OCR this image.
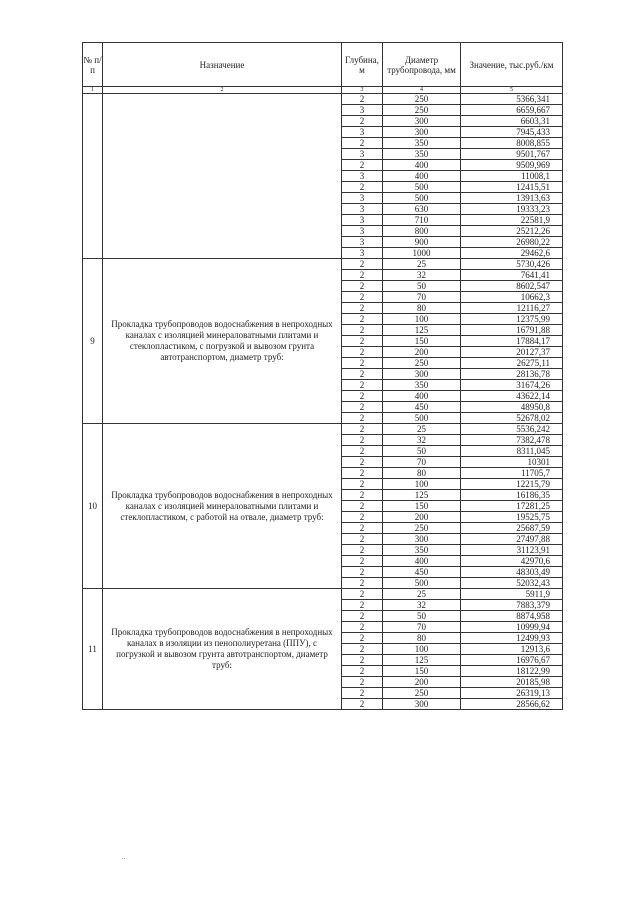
№ п/п	Назначение	Глубина, м	Диаметр трубопровода, мм	Значение, тыс.руб./км
1	2	3	4	5
		2	250	5366,341
		3	250	6659,667
		2	300	6603,31
		3	300	7945,433
		2	350	8008,855
		3	350	9501,767
		2	400	9509,969
		3	400	11008,1
		2	500	12415,51
		3	500	13913,63
		3	630	19333,23
		3	710	22581,9
		3	800	25212,26
		3	900	26980,22
		3	1000	29462,6
9	Прокладка трубопроводов водоснабжения в непроходных каналах с изоляцией минераловатными плитами и стеклопластиком, с погрузкой и вывозом грунта автотранспортом, диаметр труб:	2	25	5730,426
		2	32	7641,41
		2	50	8602,547
		2	70	10662,3
		2	80	12116,27
		2	100	12375,99
		2	125	16791,88
		2	150	17884,17
		2	200	20127,37
		2	250	26275,11
		2	300	28136,78
		2	350	31674,26
		2	400	43622,14
		2	450	48950,8
		2	500	52678,02
10	Прокладка трубопроводов водоснабжения в непроходных каналах с изоляцией минераловатными плитами и стеклопластиком, с работой на отвале, диаметр труб:	2	25	5536,242
		2	32	7382,478
		2	50	8311,045
		2	70	10301
		2	80	11705,7
		2	100	12215,79
		2	125	16186,35
		2	150	17281,25
		2	200	19525,75
		2	250	25687,59
		2	300	27497,88
		2	350	31123,91
		2	400	42970,6
		2	450	48303,49
		2	500	52032,43
11	Прокладка трубопроводов водоснабжения в непроходных каналах в изоляции из пенополиуретана (ППУ), с погрузкой и вывозом грунта автотранспортом, диаметр труб:	2	25	5911,9
		2	32	7883,379
		2	50	8874,958
		2	70	10999,94
		2	80	12499,93
		2	100	12913,6
		2	125	16976,67
		2	150	18122,99
		2	200	20185,98
		2	250	26319,13
		2	300	28566,62
